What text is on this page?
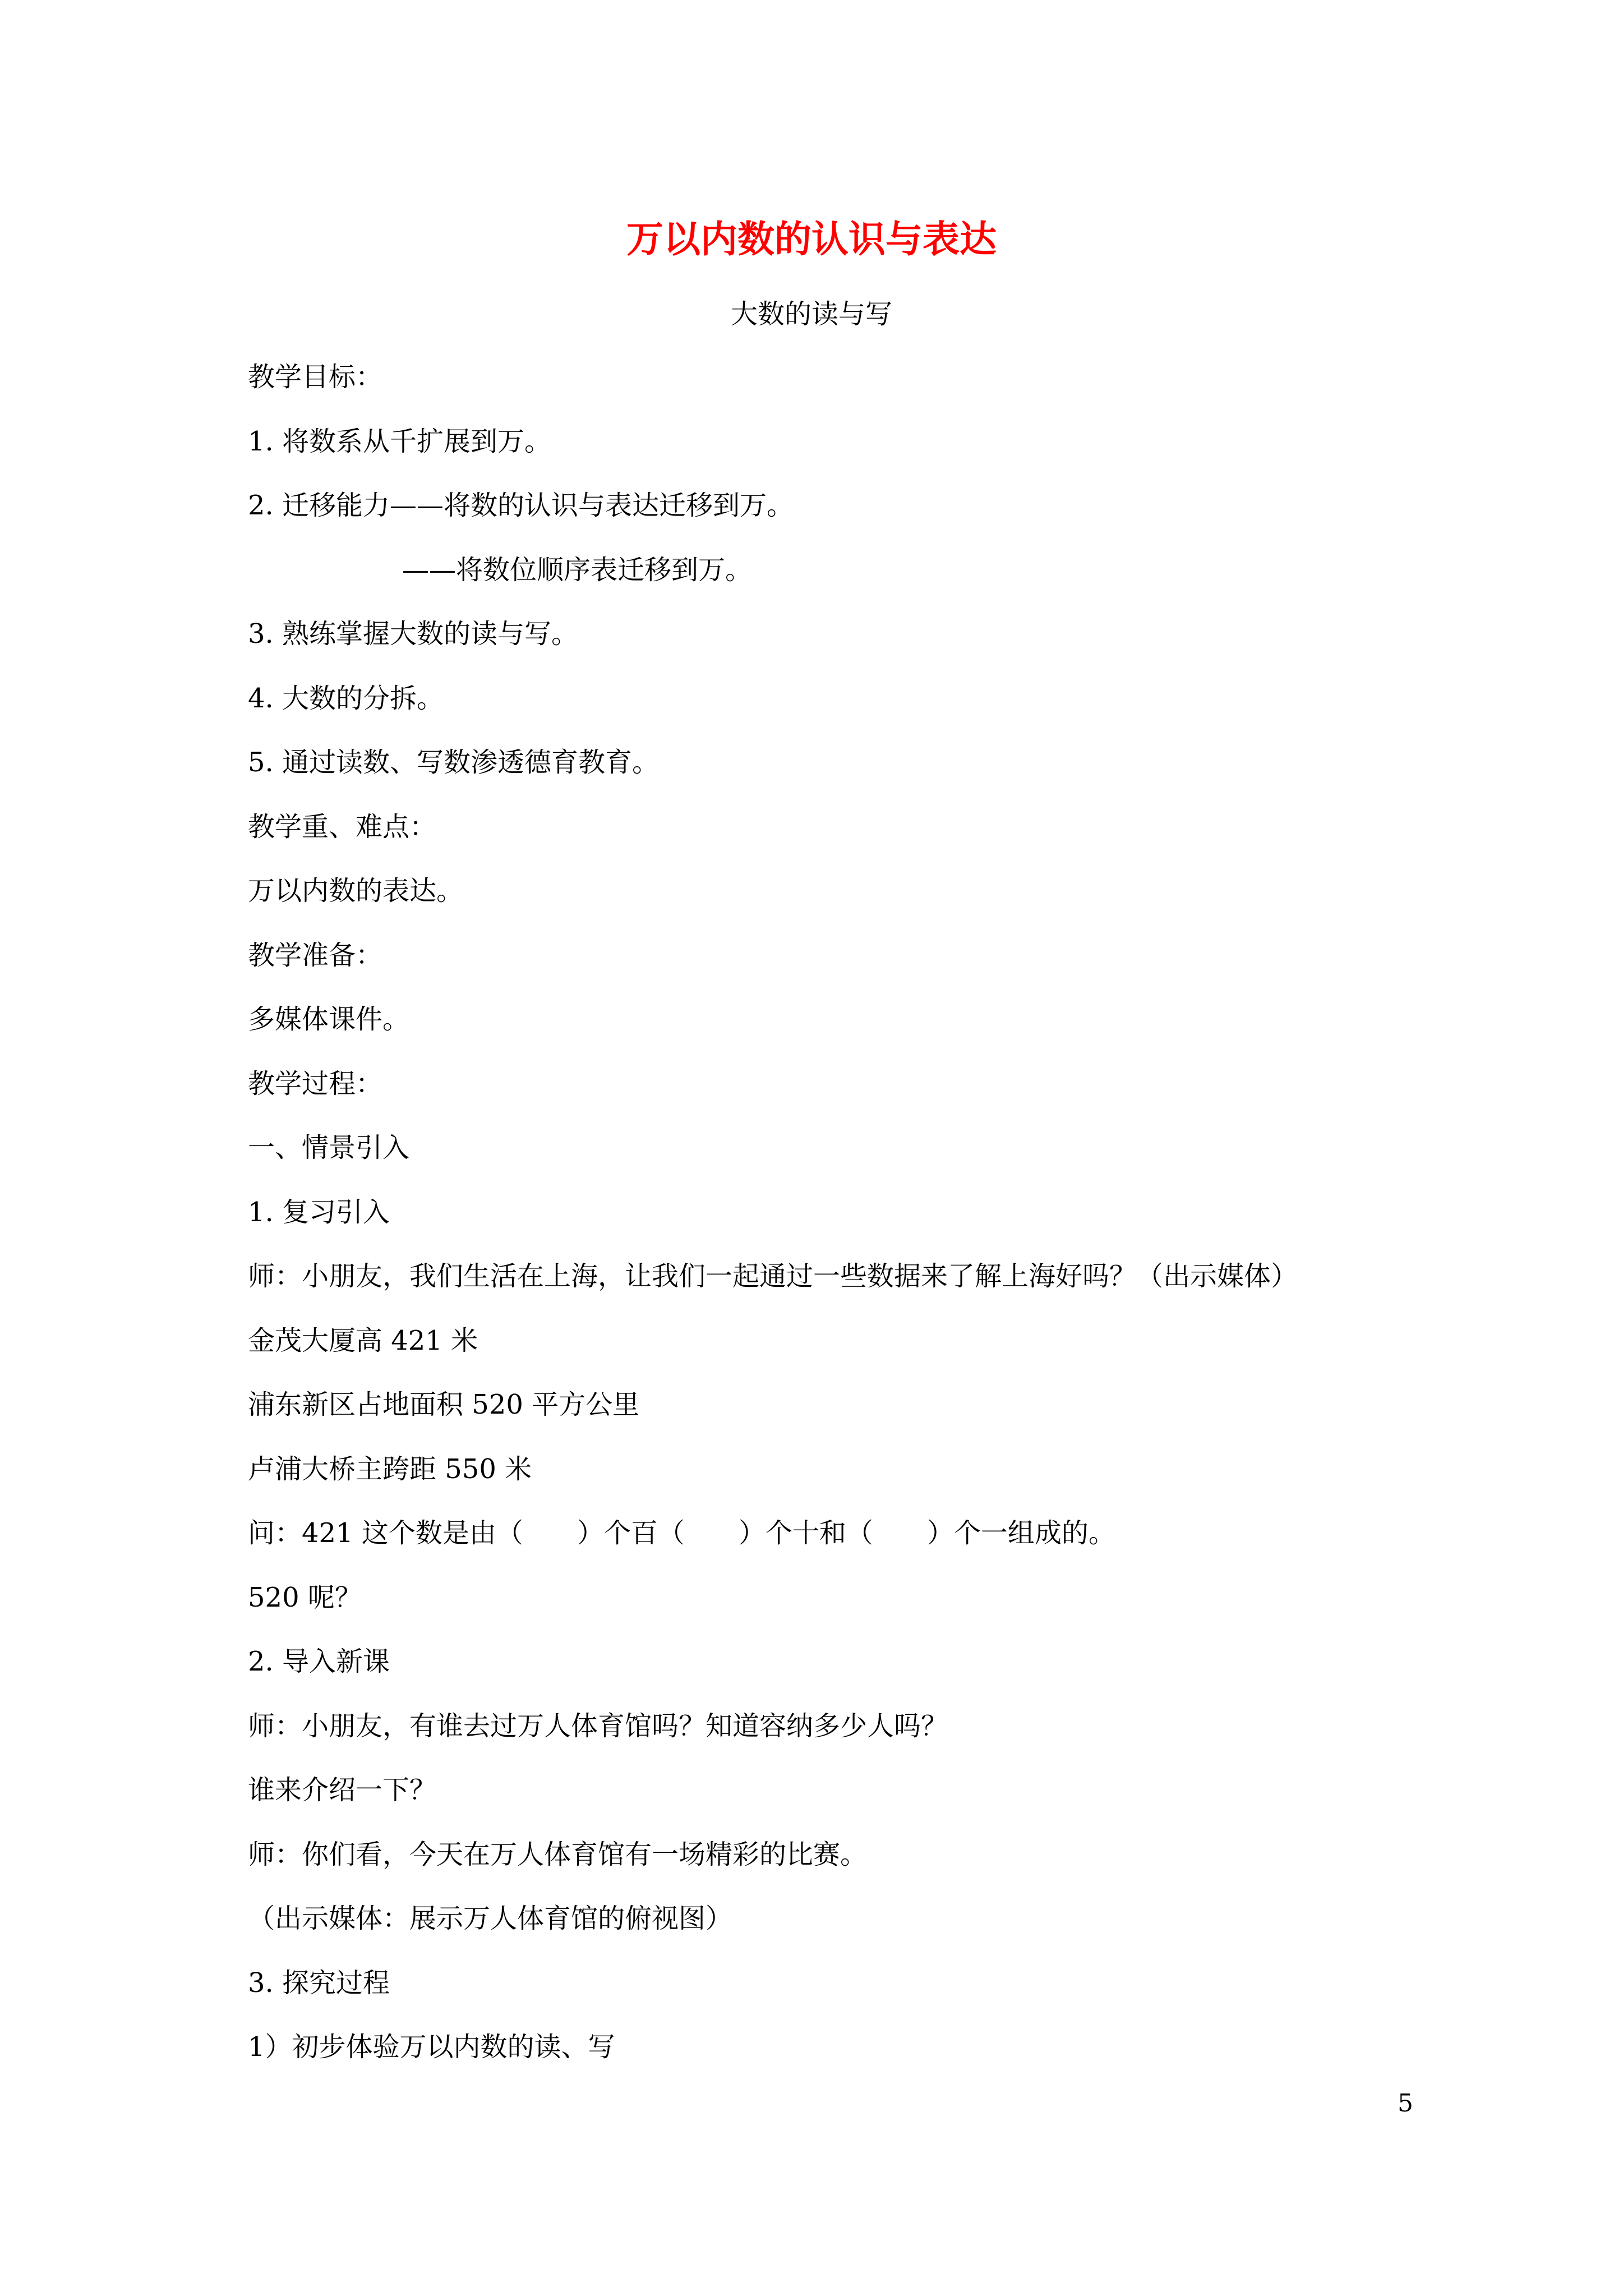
万以内数的认识与表达

大数的读与写

教学目标：

1. 将数系从千扩展到万。

2. 迁移能力——将数的认识与表达迁移到万。

——将数位顺序表迁移到万。

3. 熟练掌握大数的读与写。

4. 大数的分拆。

5. 通过读数、写数渗透德育教育。

教学重、难点：

万以内数的表达。

教学准备：

多媒体课件。

教学过程：

一、情景引入

1. 复习引入

师：小朋友，我们生活在上海，让我们一起通过一些数据来了解上海好吗？（出示媒体）

金茂大厦高 421 米

浦东新区占地面积 520 平方公里

卢浦大桥主跨距 550 米

问：421 这个数是由（　　）个百（　　）个十和（　　）个一组成的。

520 呢？

2. 导入新课

师：小朋友，有谁去过万人体育馆吗？知道容纳多少人吗？

谁来介绍一下？

师：你们看，今天在万人体育馆有一场精彩的比赛。

（出示媒体：展示万人体育馆的俯视图）

3. 探究过程

1）初步体验万以内数的读、写

5
